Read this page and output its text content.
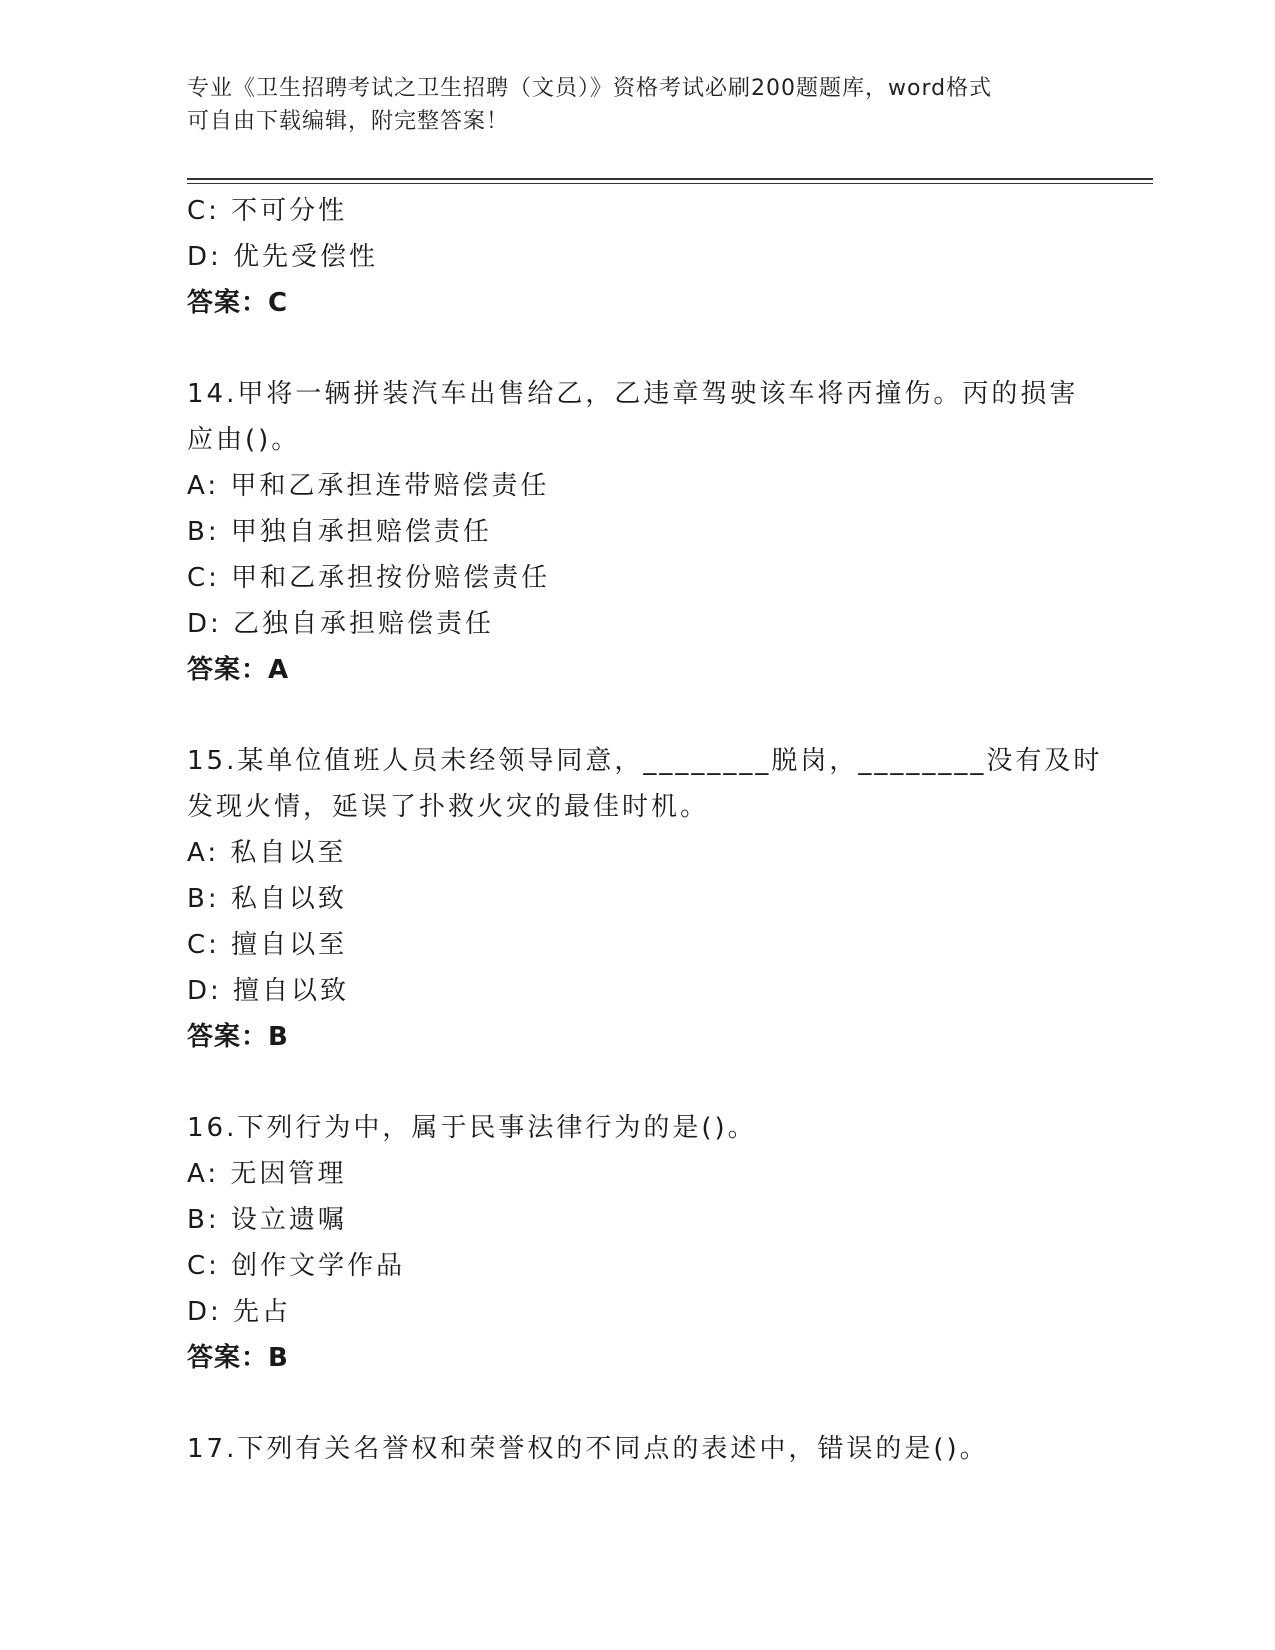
专业《卫生招聘考试之卫生招聘（文员）》资格考试必刷200题题库，word格式
可自由下载编辑，附完整答案！
C: 不可分性
D: 优先受偿性
答案：C
14.甲将一辆拼装汽车出售给乙，乙违章驾驶该车将丙撞伤。丙的损害
应由()。
A: 甲和乙承担连带赔偿责任
B: 甲独自承担赔偿责任
C: 甲和乙承担按份赔偿责任
D: 乙独自承担赔偿责任
答案：A
15.某单位值班人员未经领导同意，________脱岗，________没有及时
发现火情，延误了扑救火灾的最佳时机。
A: 私自以至
B: 私自以致
C: 擅自以至
D: 擅自以致
答案：B
16.下列行为中，属于民事法律行为的是()。
A: 无因管理
B: 设立遗嘱
C: 创作文学作品
D: 先占
答案：B
17.下列有关名誉权和荣誉权的不同点的表述中，错误的是()。
